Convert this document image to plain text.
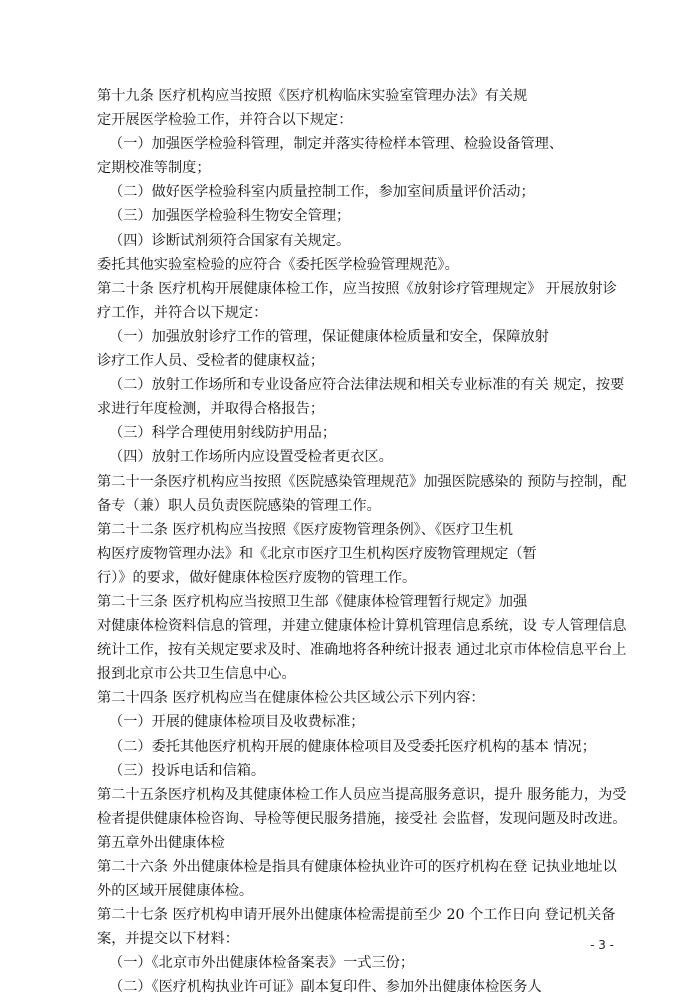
第十九条 医疗机构应当按照《医疗机构临床实验室管理办法》有关规
定开展医学检验工作，并符合以下规定：
（一）加强医学检验科管理，制定并落实待检样本管理、检验设备管理、
定期校准等制度；
（二）做好医学检验科室内质量控制工作，参加室间质量评价活动；
（三）加强医学检验科生物安全管理；
（四）诊断试剂须符合国家有关规定。
委托其他实验室检验的应符合《委托医学检验管理规范》。
第二十条 医疗机构开展健康体检工作，应当按照《放射诊疗管理规定》 开展放射诊
疗工作，并符合以下规定：
（一）加强放射诊疗工作的管理，保证健康体检质量和安全，保障放射
诊疗工作人员、受检者的健康权益；
（二）放射工作场所和专业设备应符合法律法规和相关专业标准的有关 规定，按要
求进行年度检测，并取得合格报告；
（三）科学合理使用射线防护用品；
（四）放射工作场所内应设置受检者更衣区。
第二十一条医疗机构应当按照《医院感染管理规范》加强医院感染的 预防与控制，配
备专（兼）职人员负责医院感染的管理工作。
第二十二条 医疗机构应当按照《医疗废物管理条例》、《医疗卫生机
构医疗废物管理办法》和《北京市医疗卫生机构医疗废物管理规定（暂
行）》的要求，做好健康体检医疗废物的管理工作。
第二十三条 医疗机构应当按照卫生部《健康体检管理暂行规定》加强
对健康体检资料信息的管理，并建立健康体检计算机管理信息系统，设 专人管理信息
统计工作，按有关规定要求及时、准确地将各种统计报表 通过北京市体检信息平台上
报到北京市公共卫生信息中心。
第二十四条 医疗机构应当在健康体检公共区域公示下列内容：
（一）开展的健康体检项目及收费标准；
（二）委托其他医疗机构开展的健康体检项目及受委托医疗机构的基本 情况；
（三）投诉电话和信箱。
第二十五条医疗机构及其健康体检工作人员应当提高服务意识，提升 服务能力，为受
检者提供健康体检咨询、导检等便民服务措施，接受社 会监督，发现问题及时改进。
第五章外出健康体检
第二十六条 外出健康体检是指具有健康体检执业许可的医疗机构在登 记执业地址以
外的区域开展健康体检。
第二十七条 医疗机构申请开展外出健康体检需提前至少 20 个工作日向 登记机关备
案，并提交以下材料：
（一）《北京市外出健康体检备案表》一式三份；
（二）《医疗机构执业许可证》副本复印件、参加外出健康体检医务人
- 3 -
